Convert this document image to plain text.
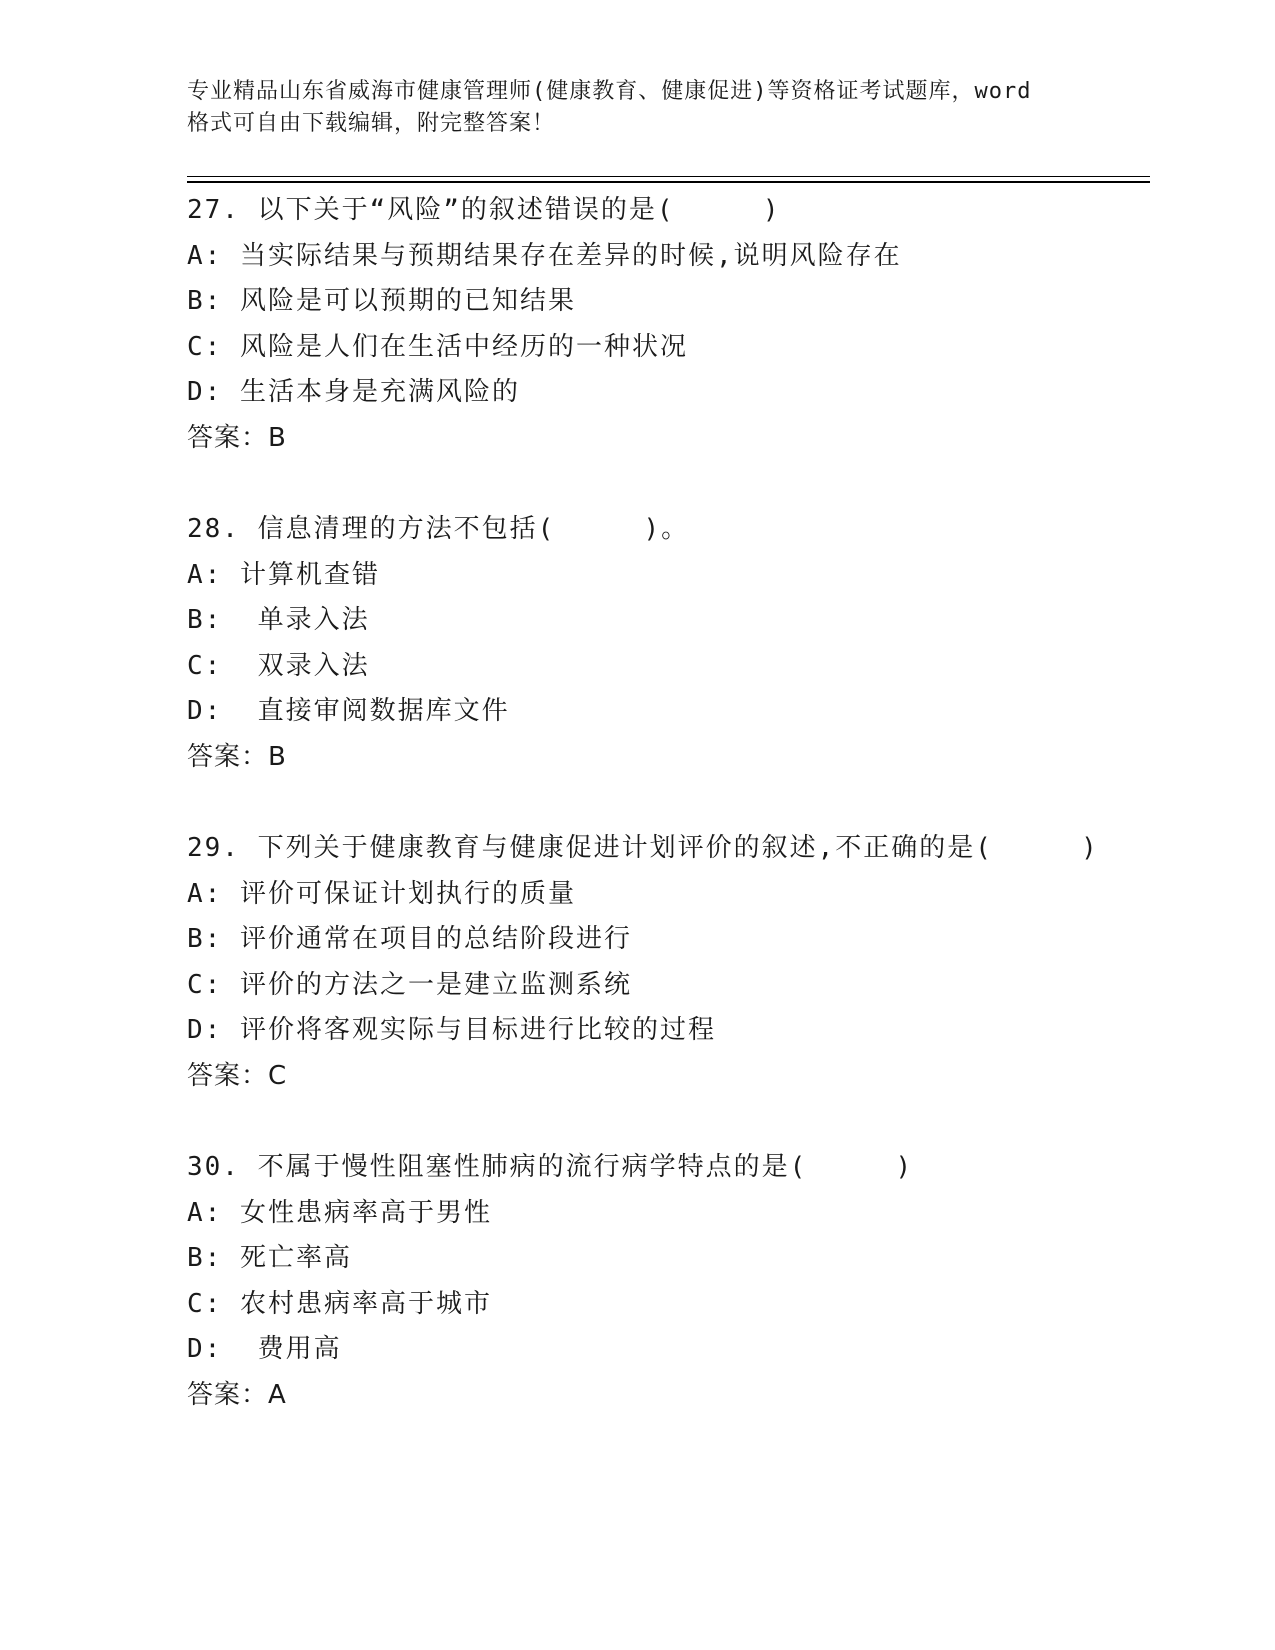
专业精品山东省威海市健康管理师(健康教育、健康促进)等资格证考试题库，word
格式可自由下载编辑，附完整答案！
27. 以下关于“风险”的叙述错误的是(     )
A: 当实际结果与预期结果存在差异的时候,说明风险存在
B: 风险是可以预期的已知结果
C: 风险是人们在生活中经历的一种状况
D: 生活本身是充满风险的
答案：B
28. 信息清理的方法不包括(     )。
A: 计算机查错
B:  单录入法
C:  双录入法
D:  直接审阅数据库文件
答案：B
29. 下列关于健康教育与健康促进计划评价的叙述,不正确的是(     )
A: 评价可保证计划执行的质量
B: 评价通常在项目的总结阶段进行
C: 评价的方法之一是建立监测系统
D: 评价将客观实际与目标进行比较的过程
答案：C
30. 不属于慢性阻塞性肺病的流行病学特点的是(     )
A: 女性患病率高于男性
B: 死亡率高
C: 农村患病率高于城市
D:  费用高
答案：A
